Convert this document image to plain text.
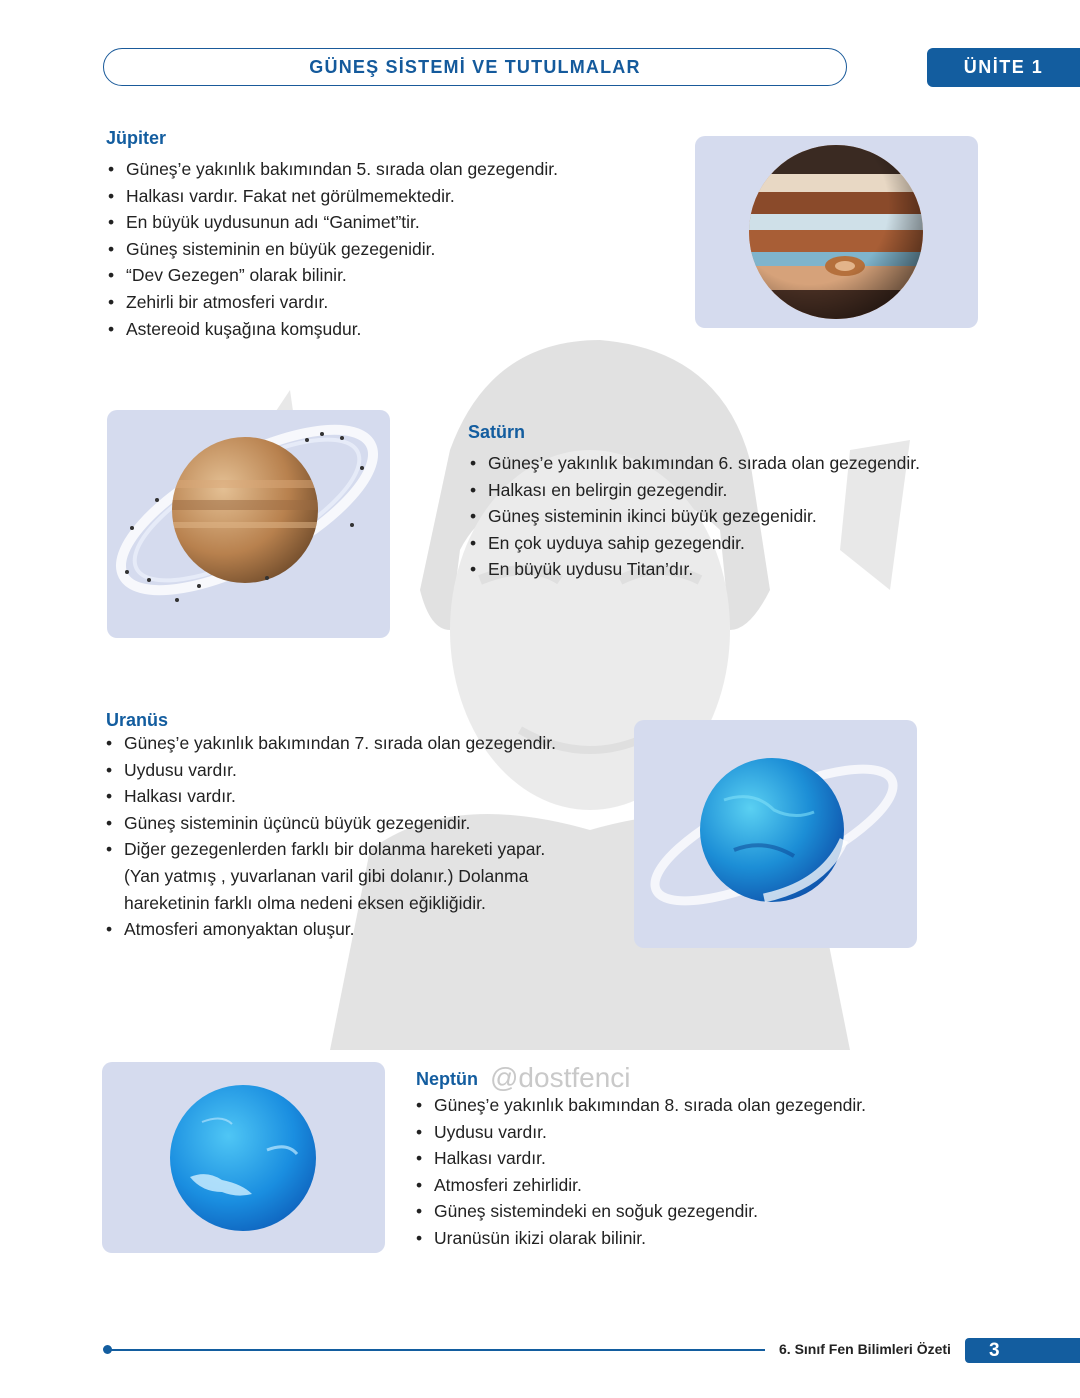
GÜNEŞ SİSTEMİ VE TUTULMALAR	ÜNİTE 1
Jüpiter
• Güneş’e yakınlık bakımından 5. sırada olan gezegendir.
• Halkası vardır. Fakat net görülmemektedir.
• En büyük uydusunun adı “Ganimet”tir.
• Güneş sisteminin en büyük gezegenidir.
• “Dev Gezegen” olarak bilinir.
• Zehirli bir atmosferi vardır.
• Astereoid kuşağına komşudur.
Satürn
• Güneş’e yakınlık bakımından 6. sırada olan gezegendir.
• Halkası en belirgin gezegendir.
• Güneş sisteminin ikinci büyük gezegenidir.
• En çok uyduya sahip gezegendir.
• En büyük uydusu Titan’dır.
Uranüs
• Güneş’e yakınlık bakımından 7. sırada olan gezegendir.
• Uydusu vardır.
• Halkası vardır.
• Güneş sisteminin üçüncü büyük gezegenidir.
• Diğer gezegenlerden farklı bir dolanma hareketi yapar.
(Yan yatmış , yuvarlanan varil gibi dolanır.) Dolanma
hareketinin farklı olma nedeni eksen eğikliğidir.
• Atmosferi amonyaktan oluşur.
Neptün @dostfenci
• Güneş’e yakınlık bakımından 8. sırada olan gezegendir.
• Uydusu vardır.
• Halkası vardır.
• Atmosferi zehirlidir.
• Güneş sistemindeki en soğuk gezegendir.
• Uranüsün ikizi olarak bilinir.
6. Sınıf Fen Bilimleri Özeti	3
